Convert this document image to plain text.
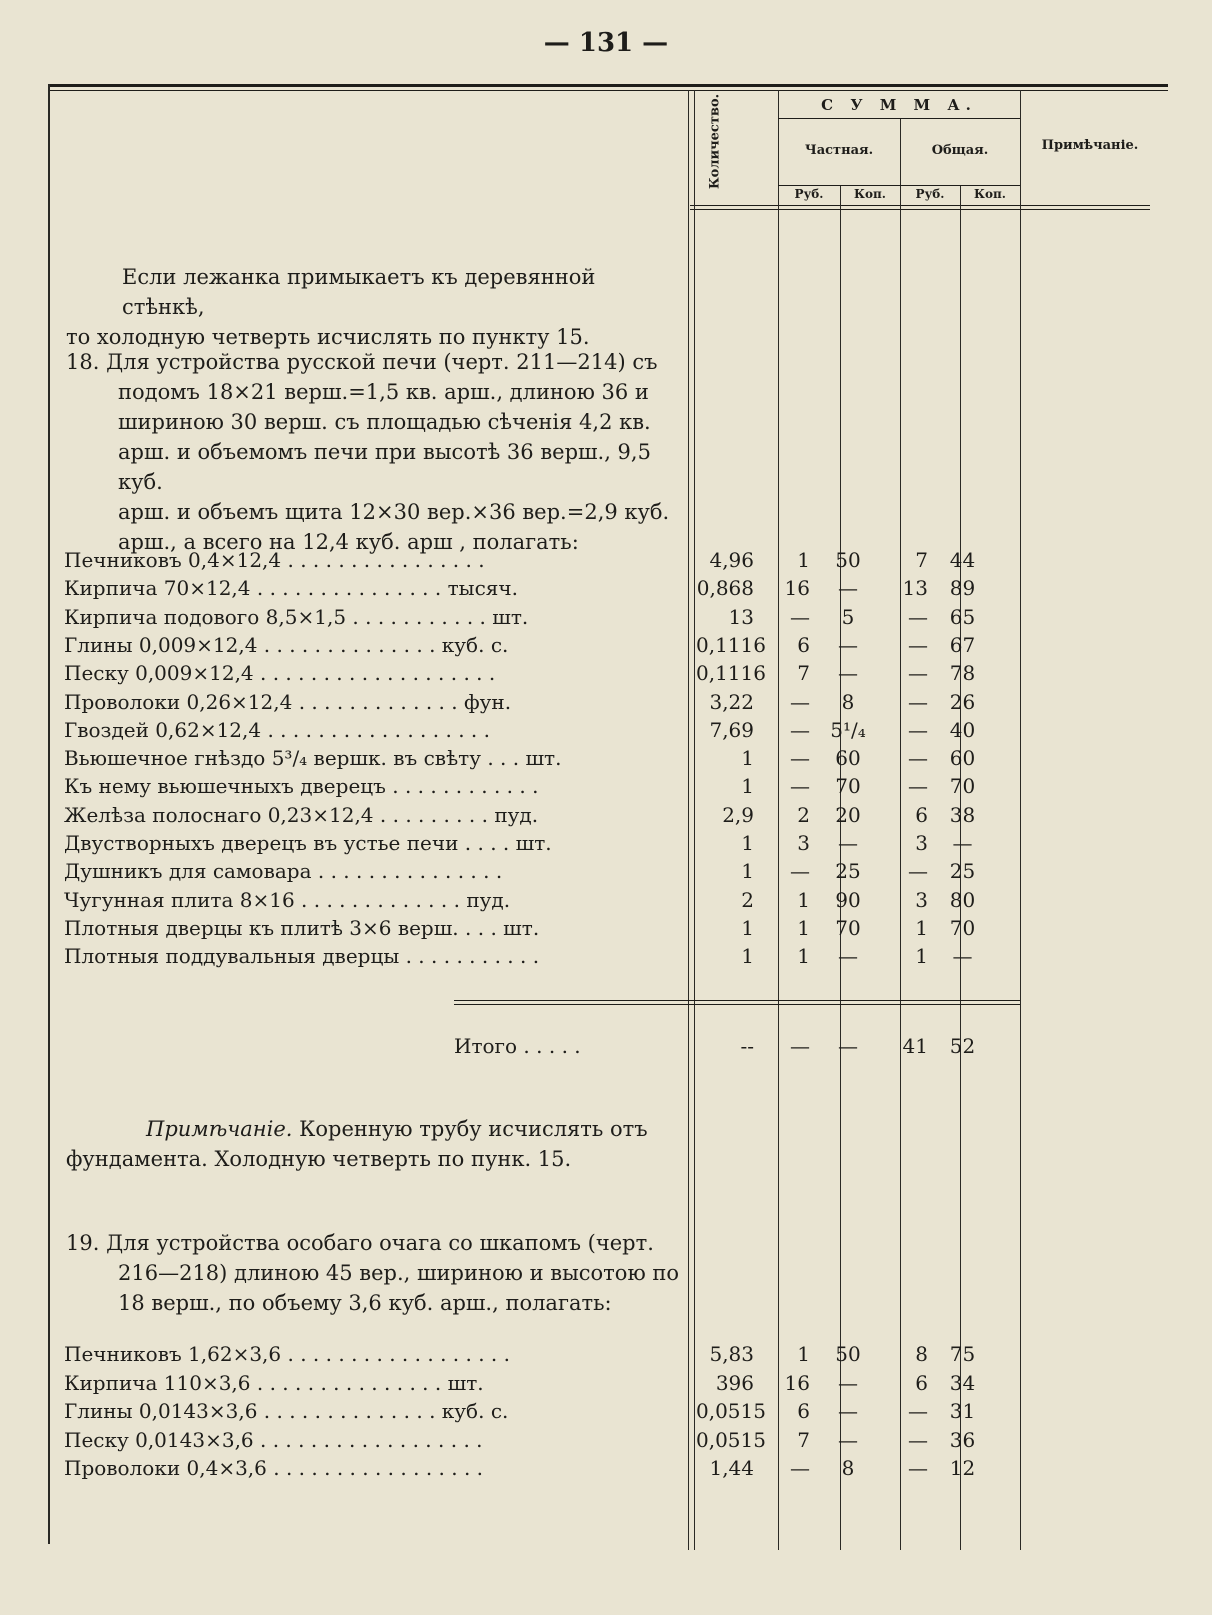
— 131 —
Количество.	С У М М А.
Частная.	Общая.
Руб.	Коп.	Руб.	Коп.
Примѣчаніе.
Если лежанка примыкаетъ къ деревянной стѣнкѣ,
то холодную четверть исчислять по пункту 15.
18. Для устройства русской печи (черт. 211—214) съ
подомъ 18×21 верш.=1,5 кв. арш., длиною 36 и
шириною 30 верш. съ площадью сѣченія 4,2 кв.
арш. и объемомъ печи при высотѣ 36 верш., 9,5 куб.
арш. и объемъ щита 12×30 вер.×36 вер.=2,9 куб.
арш., а всего на 12,4 куб. арш , полагать:
Печниковъ 0,4×12,4 . . . . . . . . . . . . . . . .	4,96	1	50	7	44
Кирпича 70×12,4 . . . . . . . . . . . . . . . тысяч.	0,868	16	—	13	89
Кирпича подового 8,5×1,5 . . . . . . . . . . . шт.	13	—	5	—	65
Глины 0,009×12,4 . . . . . . . . . . . . . . куб. с.	0,1116	6	—	—	67
Песку 0,009×12,4 . . . . . . . . . . . . . . . . . . .	0,1116	7	—	—	78
Проволоки 0,26×12,4 . . . . . . . . . . . . . фун.	3,22	—	8	—	26
Гвоздей 0,62×12,4 . . . . . . . . . . . . . . . . . .	7,69	—	5¹/₄	—	40
Вьюшечное гнѣздо 5³/₄ вершк. въ свѣту . . . шт.	1	—	60	—	60
Къ нему вьюшечныхъ дверецъ . . . . . . . . . . . .	1	—	70	—	70
Желѣза полоснаго 0,23×12,4 . . . . . . . . . пуд.	2,9	2	20	6	38
Двустворныхъ дверецъ въ устье печи . . . . шт.	1	3	—	3	—
Душникъ для самовара . . . . . . . . . . . . . . .	1	—	25	—	25
Чугунная плита 8×16 . . . . . . . . . . . . . пуд.	2	1	90	3	80
Плотныя дверцы къ плитѣ 3×6 верш. . . . шт.	1	1	70	1	70
Плотныя поддувальныя дверцы . . . . . . . . . . .	1	1	—	1	—
Итого . . . . .	--	—	—	41	52
Примѣчаніе. Коренную трубу исчислять отъ
фундамента. Холодную четверть по пунк. 15.
19. Для устройства особаго очага со шкапомъ (черт.
216—218) длиною 45 вер., шириною и высотою по
18 верш., по объему 3,6 куб. арш., полагать:
Печниковъ 1,62×3,6 . . . . . . . . . . . . . . . . . .	5,83	1	50	8	75
Кирпича 110×3,6 . . . . . . . . . . . . . . . шт.	396	16	—	6	34
Глины 0,0143×3,6 . . . . . . . . . . . . . . куб. с.	0,0515	6	—	—	31
Песку 0,0143×3,6 . . . . . . . . . . . . . . . . . .	0,0515	7	—	—	36
Проволоки 0,4×3,6 . . . . . . . . . . . . . . . . .	1,44	—	8	—	12
